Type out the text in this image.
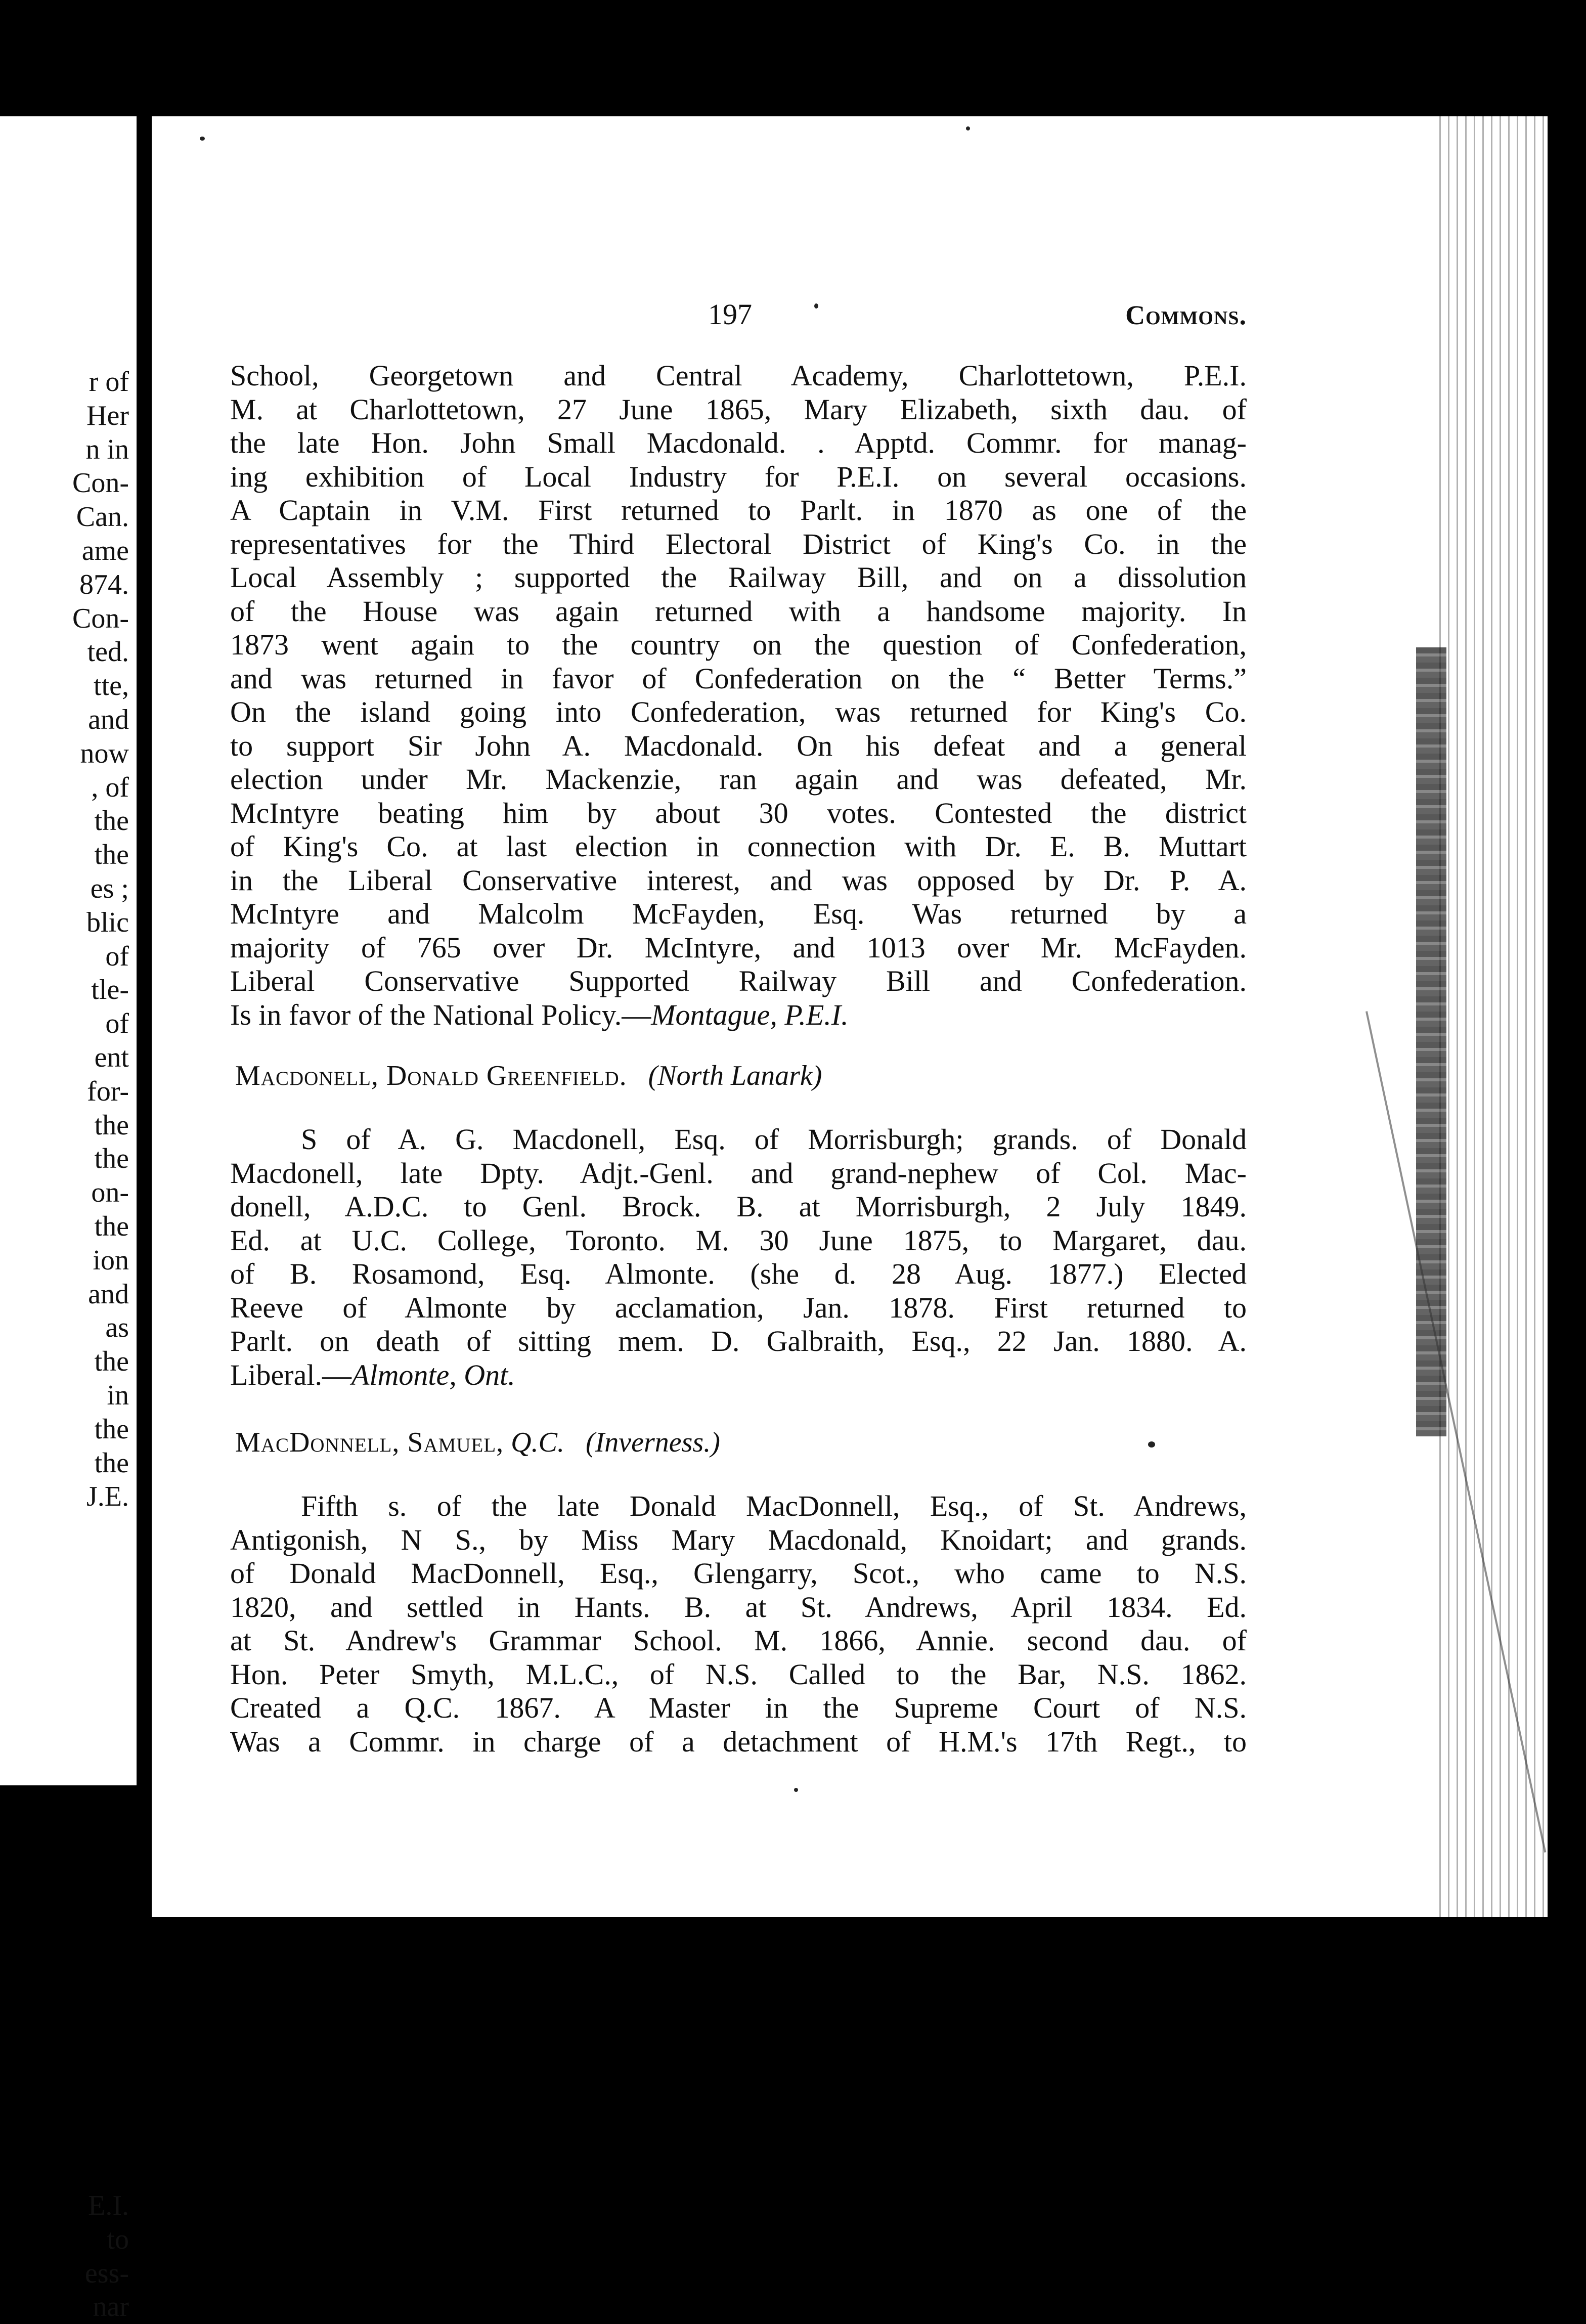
r of
Her
n in
Con-
Can.
ame
874.
Con-
ted.
tte,
and
now
, of
the
the
es ;
blic
of
tle-
of
ent
for-
the
the
on-
the
ion
and
as
the
in
the
the
J.E.
E.I.
to
ess-
nar
197	Commons.
School, Georgetown and Central Academy, Charlottetown, P.E.I.
M. at Charlottetown, 27 June 1865, Mary Elizabeth, sixth dau. of
the late Hon. John Small Macdonald. . Apptd. Commr. for manag-
ing exhibition of Local Industry for P.E.I. on several occasions.
A Captain in V.M. First returned to Parlt. in 1870 as one of the
representatives for the Third Electoral District of King's Co. in the
Local Assembly ; supported the Railway Bill, and on a dissolution
of the House was again returned with a handsome majority. In
1873 went again to the country on the question of Confederation,
and was returned in favor of Confederation on the “ Better Terms.”
On the island going into Confederation, was returned for King's Co.
to support Sir John A. Macdonald. On his defeat and a general
election under Mr. Mackenzie, ran again and was defeated, Mr.
McIntyre beating him by about 30 votes. Contested the district
of King's Co. at last election in connection with Dr. E. B. Muttart
in the Liberal Conservative interest, and was opposed by Dr. P. A.
McIntyre and Malcolm McFayden, Esq. Was returned by a
majority of 765 over Dr. McIntyre, and 1013 over Mr. McFayden.
Liberal Conservative Supported Railway Bill and Confederation.
Is in favor of the National Policy.—Montague, P.E.I.
Macdonell, Donald Greenfield. (North Lanark)
S of A. G. Macdonell, Esq. of Morrisburgh; grands. of Donald
Macdonell, late Dpty. Adjt.-Genl. and grand-nephew of Col. Mac-
donell, A.D.C. to Genl. Brock. B. at Morrisburgh, 2 July 1849.
Ed. at U.C. College, Toronto. M. 30 June 1875, to Margaret, dau.
of B. Rosamond, Esq. Almonte. (she d. 28 Aug. 1877.) Elected
Reeve of Almonte by acclamation, Jan. 1878. First returned to
Parlt. on death of sitting mem. D. Galbraith, Esq., 22 Jan. 1880. A.
Liberal.—Almonte, Ont.
MacDonnell, Samuel, Q.C. (Inverness.)
Fifth s. of the late Donald MacDonnell, Esq., of St. Andrews,
Antigonish, N S., by Miss Mary Macdonald, Knoidart; and grands.
of Donald MacDonnell, Esq., Glengarry, Scot., who came to N.S.
1820, and settled in Hants. B. at St. Andrews, April 1834. Ed.
at St. Andrew's Grammar School. M. 1866, Annie. second dau. of
Hon. Peter Smyth, M.L.C., of N.S. Called to the Bar, N.S. 1862.
Created a Q.C. 1867. A Master in the Supreme Court of N.S.
Was a Commr. in charge of a detachment of H.M.'s 17th Regt., to
